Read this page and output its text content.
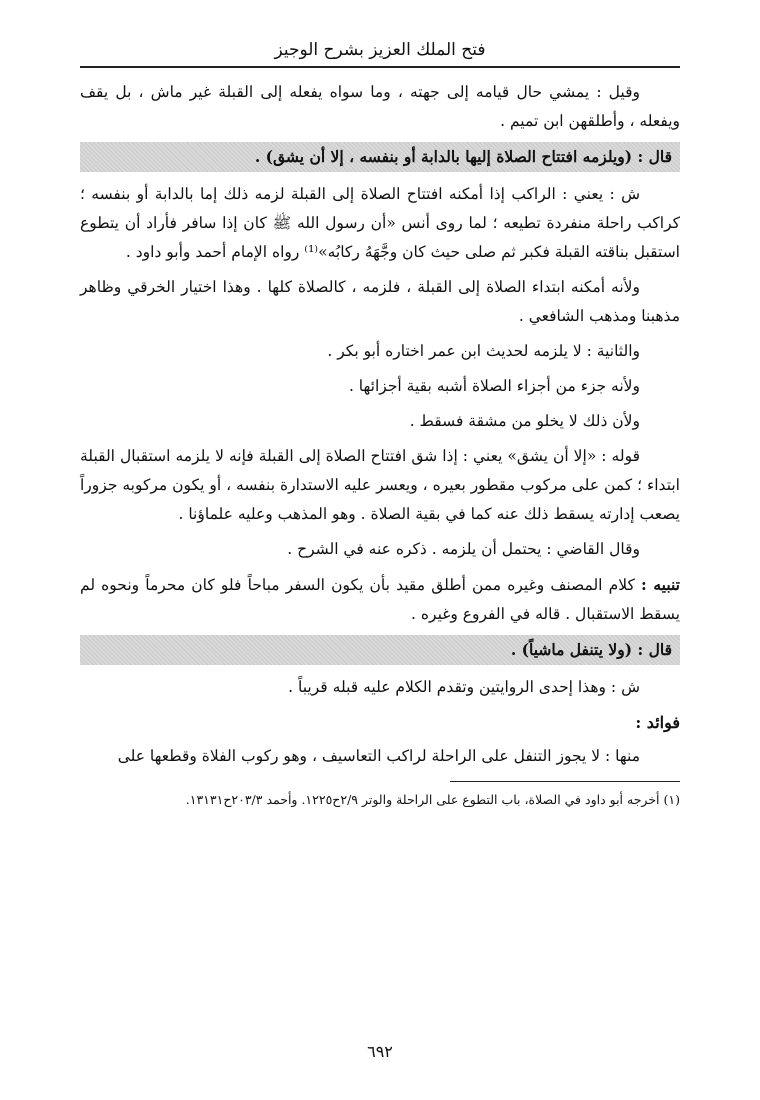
فتح الملك العزيز بشرح الوجيز

وقيل : يمشي حال قيامه إلى جهته ، وما سواه يفعله إلى القبلة غير ماش ، بل يقف ويفعله ، وأطلقهن ابن تميم .

قال : (ويلزمه افتتاح الصلاة إليها بالدابة أو بنفسه ، إلا أن يشق) .

ش : يعني : الراكب إذا أمكنه افتتاح الصلاة إلى القبلة لزمه ذلك إما بالدابة أو بنفسه ؛ كراكب راحلة منفردة تطيعه ؛ لما روى أنس «أن رسول الله ﷺ كان إذا سافر فأراد أن يتطوع استقبل بناقته القبلة فكبر ثم صلى حيث كان وجَّهَهُ ركابُه»⁽¹⁾ رواه الإمام أحمد وأبو داود .

ولأنه أمكنه ابتداء الصلاة إلى القبلة ، فلزمه ، كالصلاة كلها . وهذا اختيار الخرقي وظاهر مذهبنا ومذهب الشافعي .

والثانية : لا يلزمه لحديث ابن عمر اختاره أبو بكر .

ولأنه جزء من أجزاء الصلاة أشبه بقية أجزائها .

ولأن ذلك لا يخلو من مشقة فسقط .

قوله : «إلا أن يشق» يعني : إذا شق افتتاح الصلاة إلى القبلة فإنه لا يلزمه استقبال القبلة ابتداء ؛ كمن على مركوب مقطور بعيره ، ويعسر عليه الاستدارة بنفسه ، أو يكون مركوبه جزوراً يصعب إدارته يسقط ذلك عنه كما في بقية الصلاة . وهو المذهب وعليه علماؤنا .

وقال القاضي : يحتمل أن يلزمه . ذكره عنه في الشرح .

تنبيه : كلام المصنف وغيره ممن أطلق مقيد بأن يكون السفر مباحاً فلو كان محرماً ونحوه لم يسقط الاستقبال . قاله في الفروع وغيره .

قال : (ولا يتنفل ماشياً) .

ش : وهذا إحدى الروايتين وتقدم الكلام عليه قبله قريباً .

فوائد :

منها : لا يجوز التنفل على الراحلة لراكب التعاسيف ، وهو ركوب الفلاة وقطعها على

(١) أخرجه أبو داود في الصلاة، باب التطوع على الراحلة والوتر ٢/٩ح١٢٢٥. وأحمد ٢٠٣/٣ح١٣١٣١.
٦٩٢
